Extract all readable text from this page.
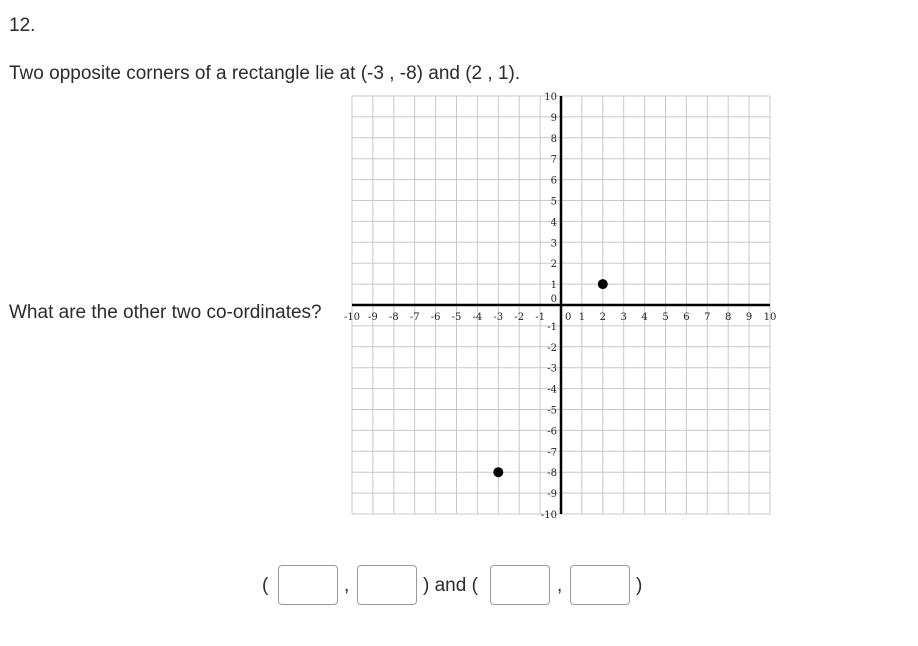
12.
Two opposite corners of a rectangle lie at (-3 , -8) and (2 , 1).
What are the other two co-ordinates? -10 -9 -8 -7 -6 -5 -4 -3 -2 -1 0 1 2 3 4 5 6 7 8 9 10
10
9
8
7
6
5
4
3
2
1
0
-1
-2
-3
-4
-5
-6
-7
-8
-9
-10
(	,	) and (	,	)
